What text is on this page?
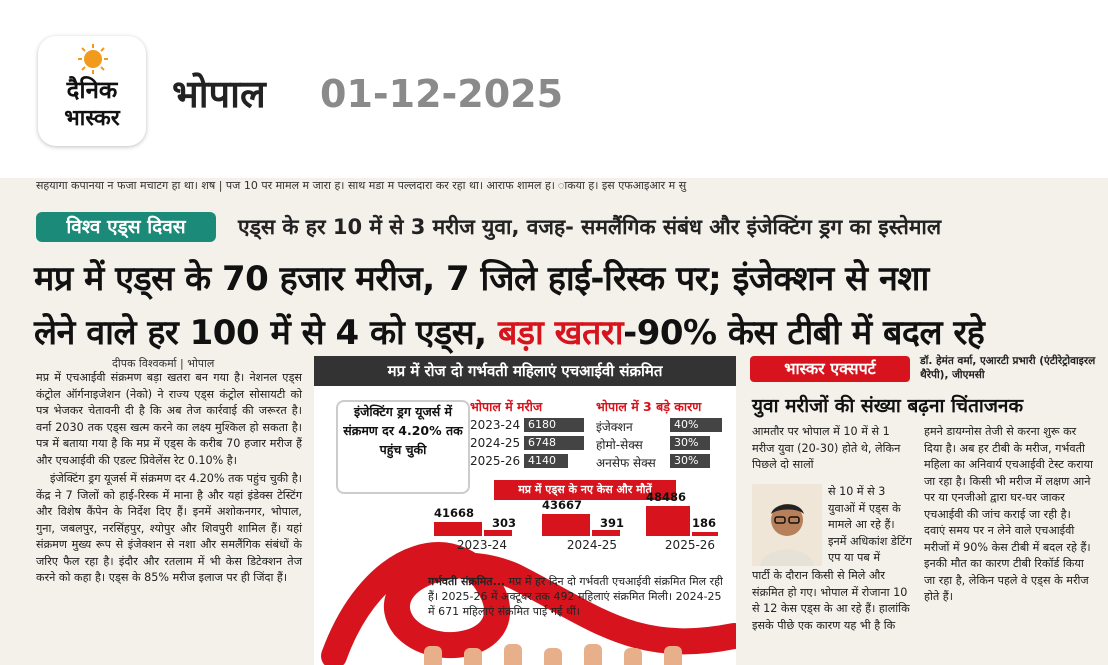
दैनिक
भास्कर
भोपाल 01-12-2025
सहयागा कपानया न फजा मचाटग हा था। शष | पज 10 पर मामल म जारा ह। साथ मडा म पल्लदारा कर रहा था। आराफ शामल ह। ाकया ह। इस एफआइआर म सु
विश्व एड्स दिवस	एड्स के हर 10 में से 3 मरीज युवा, वजह- समलैंगिक संबंध और इंजेक्टिंग ड्रग का इस्तेमाल
मप्र में एड्स के 70 हजार मरीज, 7 जिले हाई-रिस्क पर; इंजेक्शन से नशा
लेने वाले हर 100 में से 4 को एड्स, बड़ा खतरा-90% केस टीबी में बदल रहे
दीपक विश्वकर्मा | भोपाल

मप्र में एचआईवी संक्रमण बड़ा खतरा बन गया है। नेशनल एड्स कंट्रोल ऑर्गनाइजेशन (नेको) ने राज्य एड्स कंट्रोल सोसायटी को पत्र भेजकर चेतावनी दी है कि अब तेज कार्रवाई की जरूरत है। वर्ना 2030 तक एड्स खत्म करने का लक्ष्य मुश्किल हो सकता है। पत्र में बताया गया है कि मप्र में एड्स के करीब 70 हजार मरीज हैं और एचआईवी की एडल्ट प्रिवेलेंस रेट 0.10% है।

इंजेक्टिंग ड्रग यूजर्स में संक्रमण दर 4.20% तक पहुंच चुकी है। केंद्र ने 7 जिलों को हाई-रिस्क में माना है और यहां इंडेक्स टेस्टिंग और विशेष कैंपेन के निर्देश दिए हैं। इनमें अशोकनगर, भोपाल, गुना, जबलपुर, नरसिंहपुर, श्योपुर और शिवपुरी शामिल हैं। यहां संक्रमण मुख्य रूप से इंजेक्शन से नशा और समलैंगिक संबंधों के जरिए फैल रहा है। इंदौर और रतलाम में भी केस डिटेक्शन तेज करने को कहा है। एड्स के 85% मरीज इलाज पर ही जिंदा हैं।

मप्र में रोज दो गर्भवती महिलाएं एचआईवी संक्रमित
इंजेक्टिंग ड्रग यूजर्स में संक्रमण दर 4.20% तक पहुंच चुकी
भोपाल में मरीज
2023-24 6180
2024-25 6748
2025-26 4140
भोपाल में 3 बड़े कारण
इंजेक्शन	40%
होमो-सेक्स	30%
अनसेफ सेक्स	30%
मप्र में एड्स के नए केस और मौतें
41668
303
2023-24
43667
391
2024-25
48486
186
2025-26
गर्भवती संक्रमित... मप्र में हर दिन दो गर्भवती एचआईवी संक्रमित मिल रही हैं। 2025-26 में अक्टूबर तक 492 महिलाएं संक्रमित मिली। 2024-25 में 671 महिलाएं संक्रमित पाई गई थीं।
भास्कर एक्सपर्ट	डॉ. हेमंत वर्मा, एआरटी प्रभारी (एंटीरेट्रोवाइरल थैरेपी), जीएमसी
युवा मरीजों की संख्या बढ़ना चिंताजनक
आमतौर पर भोपाल में 10 में से 1 मरीज युवा (20-30) होते थे, लेकिन पिछले दो सालों
से 10 में से 3 युवाओं में एड्स के मामले आ रहे हैं। इनमें अधिकांश डेटिंग एप या पब में
पार्टी के दौरान किसी से मिले और संक्रमित हो गए। भोपाल में रोजाना 10 से 12 केस एड्स के आ रहे हैं। हालांकि इसके पीछे एक कारण यह भी है कि
हमने डायग्नोस तेजी से करना शुरू कर दिया है। अब हर टीबी के मरीज, गर्भवती महिला का अनिवार्य एचआईवी टेस्ट कराया जा रहा है। किसी भी मरीज में लक्षण आने पर या एनजीओ द्वारा घर-घर जाकर एचआईवी की जांच कराई जा रही है। दवाएं समय पर न लेने वाले एचआईवी मरीजों में 90% केस टीबी में बदल रहे हैं। इनकी मौत का कारण टीबी रिकॉर्ड किया जा रहा है, लेकिन पहले वे एड्स के मरीज होते हैं।
